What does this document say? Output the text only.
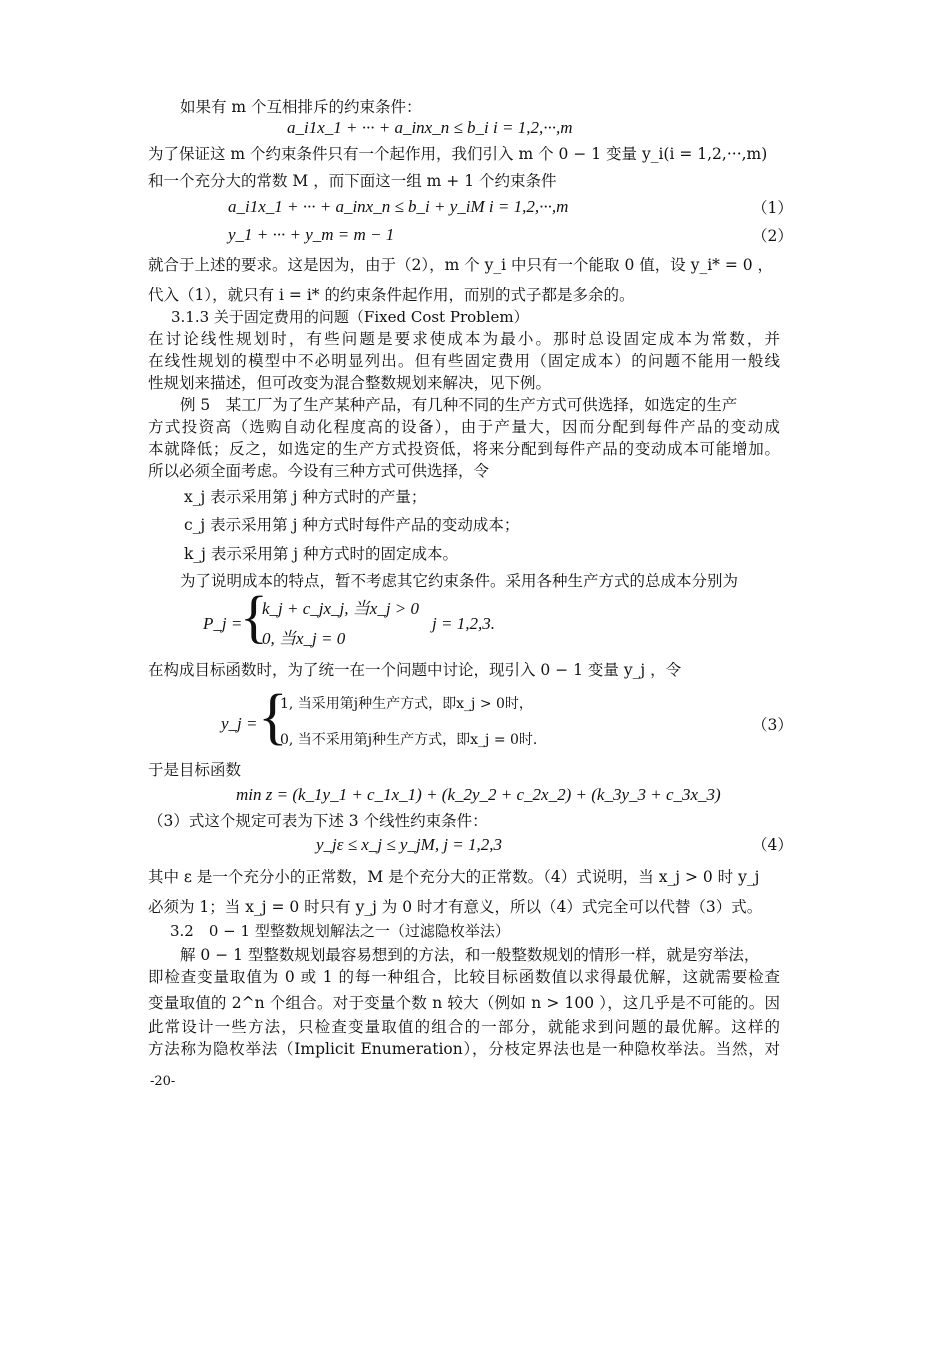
如果有 m 个互相排斥的约束条件：
a_i1x_1 + ··· + a_inx_n ≤ b_i i = 1,2,···,m
为了保证这 m 个约束条件只有一个起作用，我们引入 m 个 0 − 1 变量 y_i(i = 1,2,···,m)
和一个充分大的常数 M ，而下面这一组 m + 1 个约束条件
a_i1x_1 + ··· + a_inx_n ≤ b_i + y_iM i = 1,2,···,m	（1）
y_1 + ··· + y_m = m − 1	（2）
就合于上述的要求。这是因为，由于（2），m 个 y_i 中只有一个能取 0 值，设 y_i* = 0 ，
代入（1），就只有 i = i* 的约束条件起作用，而别的式子都是多余的。
3.1.3 关于固定费用的问题（Fixed Cost Problem）
在讨论线性规划时，有些问题是要求使成本为最小。那时总设固定成本为常数，并
在线性规划的模型中不必明显列出。但有些固定费用（固定成本）的问题不能用一般线
性规划来描述，但可改变为混合整数规划来解决，见下例。
例 5　某工厂为了生产某种产品，有几种不同的生产方式可供选择，如选定的生产
方式投资高（选购自动化程度高的设备），由于产量大，因而分配到每件产品的变动成
本就降低；反之，如选定的生产方式投资低，将来分配到每件产品的变动成本可能增加。
所以必须全面考虑。今设有三种方式可供选择，令
x_j 表示采用第 j 种方式时的产量；
c_j 表示采用第 j 种方式时每件产品的变动成本；
k_j 表示采用第 j 种方式时的固定成本。
为了说明成本的特点，暂不考虑其它约束条件。采用各种生产方式的总成本分别为
P_j =
{
k_j + c_jx_j, 当x_j > 0
0, 当x_j = 0
j = 1,2,3.
在构成目标函数时，为了统一在一个问题中讨论，现引入 0 − 1 变量 y_j ，令
y_j = {
1, 当采用第j种生产方式，即x_j > 0时，
0, 当不采用第j种生产方式，即x_j = 0时.
（3）
于是目标函数
min z = (k_1y_1 + c_1x_1) + (k_2y_2 + c_2x_2) + (k_3y_3 + c_3x_3)
（3）式这个规定可表为下述 3 个线性约束条件：
y_jε ≤ x_j ≤ y_jM, j = 1,2,3	（4）
其中 ε 是一个充分小的正常数，M 是个充分大的正常数。（4）式说明，当 x_j > 0 时 y_j
必须为 1；当 x_j = 0 时只有 y_j 为 0 时才有意义，所以（4）式完全可以代替（3）式。
3.2　0 − 1 型整数规划解法之一（过滤隐枚举法）
解 0 − 1 型整数规划最容易想到的方法，和一般整数规划的情形一样，就是穷举法，
即检查变量取值为 0 或 1 的每一种组合，比较目标函数值以求得最优解，这就需要检查
变量取值的 2^n 个组合。对于变量个数 n 较大（例如 n > 100 ），这几乎是不可能的。因
此常设计一些方法，只检查变量取值的组合的一部分，就能求到问题的最优解。这样的
方法称为隐枚举法（Implicit Enumeration），分枝定界法也是一种隐枚举法。当然，对
-20-
